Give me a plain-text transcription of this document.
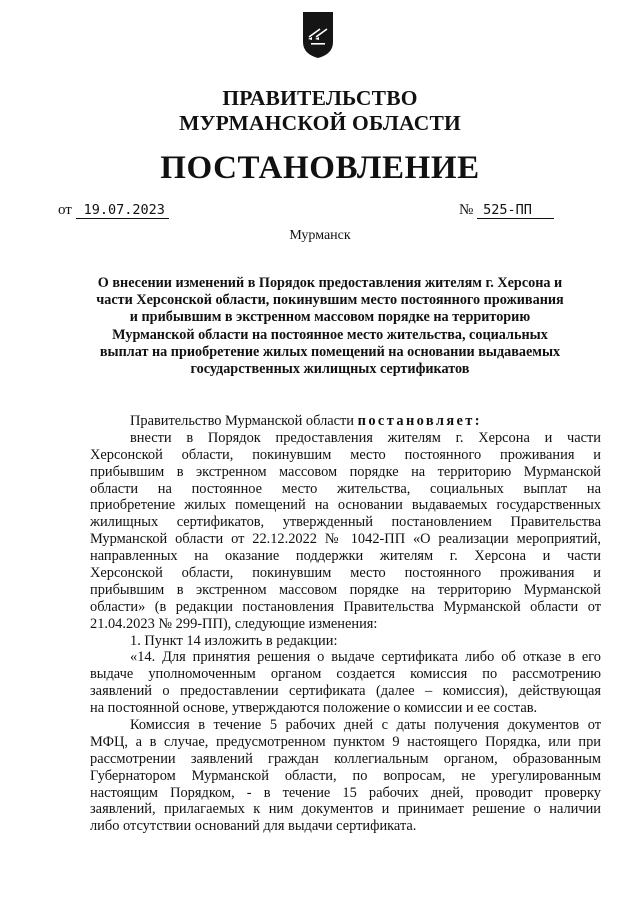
ПРАВИТЕЛЬСТВО
МУРМАНСКОЙ ОБЛАСТИ
ПОСТАНОВЛЕНИЕ
от 19.07.2023	№ 525-ПП
Мурманск
О внесении изменений в Порядок предоставления жителям г. Херсона и
части Херсонской области, покинувшим место постоянного проживания
и прибывшим в экстренном массовом порядке на территорию
Мурманской области на постоянное место жительства, социальных
выплат на приобретение жилых помещений на основании выдаваемых
государственных жилищных сертификатов
Правительство Мурманской области постановляет:
внести в Порядок предоставления жителям г. Херсона и части
Херсонской области, покинувшим место постоянного проживания и
прибывшим в экстренном массовом порядке на территорию Мурманской
области на постоянное место жительства, социальных выплат на
приобретение жилых помещений на основании выдаваемых государственных
жилищных сертификатов, утвержденный постановлением Правительства
Мурманской области от 22.12.2022 № 1042-ПП «О реализации мероприятий,
направленных на оказание поддержки жителям г. Херсона и части
Херсонской области, покинувшим место постоянного проживания и
прибывшим в экстренном массовом порядке на территорию Мурманской
области» (в редакции постановления Правительства Мурманской области от
21.04.2023 № 299-ПП), следующие изменения:
1. Пункт 14 изложить в редакции:
«14. Для принятия решения о выдаче сертификата либо об отказе в его
выдаче уполномоченным органом создается комиссия по рассмотрению
заявлений о предоставлении сертификата (далее – комиссия), действующая
на постоянной основе, утверждаются положение о комиссии и ее состав.
Комиссия в течение 5 рабочих дней с даты получения документов от
МФЦ, а в случае, предусмотренном пунктом 9 настоящего Порядка, или при
рассмотрении заявлений граждан коллегиальным органом, образованным
Губернатором Мурманской области, по вопросам, не урегулированным
настоящим Порядком, - в течение 15 рабочих дней, проводит проверку
заявлений, прилагаемых к ним документов и принимает решение о наличии
либо отсутствии оснований для выдачи сертификата.
